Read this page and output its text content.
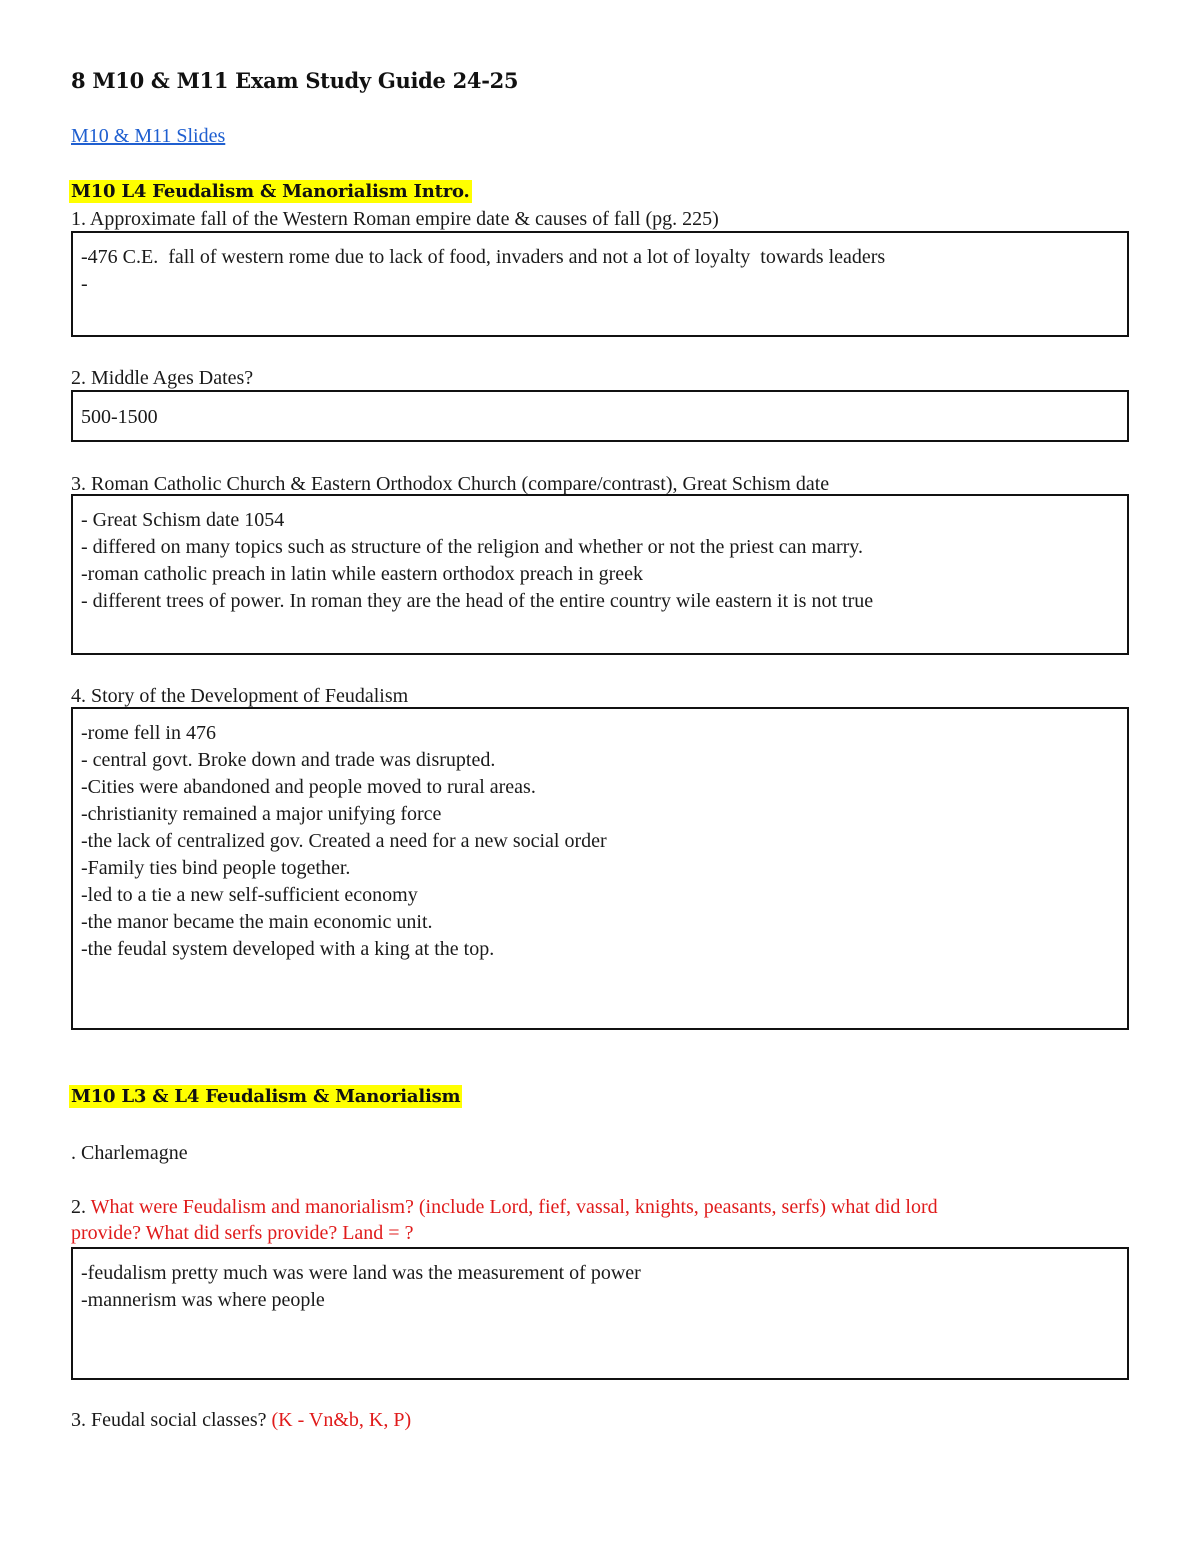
8 M10 & M11 Exam Study Guide 24-25
M10 & M11 Slides
M10 L4 Feudalism & Manorialism Intro.
1. Approximate fall of the Western Roman empire date & causes of fall (pg. 225)
-476 C.E.  fall of western rome due to lack of food, invaders and not a lot of loyalty  towards leaders
-
2. Middle Ages Dates?
500-1500
3. Roman Catholic Church & Eastern Orthodox Church (compare/contrast), Great Schism date
- Great Schism date 1054
- differed on many topics such as structure of the religion and whether or not the priest can marry.
-roman catholic preach in latin while eastern orthodox preach in greek
- different trees of power. In roman they are the head of the entire country wile eastern it is not true
4. Story of the Development of Feudalism
-rome fell in 476
- central govt. Broke down and trade was disrupted.
-Cities were abandoned and people moved to rural areas.
-christianity remained a major unifying force
-the lack of centralized gov. Created a need for a new social order
-Family ties bind people together.
-led to a tie a new self-sufficient economy
-the manor became the main economic unit.
-the feudal system developed with a king at the top.
M10 L3 & L4 Feudalism & Manorialism
. Charlemagne
2. What were Feudalism and manorialism? (include Lord, fief, vassal, knights, peasants, serfs) what did lord
provide? What did serfs provide? Land = ?
-feudalism pretty much was were land was the measurement of power
-mannerism was where people
3. Feudal social classes? (K - Vn&b, K, P)
